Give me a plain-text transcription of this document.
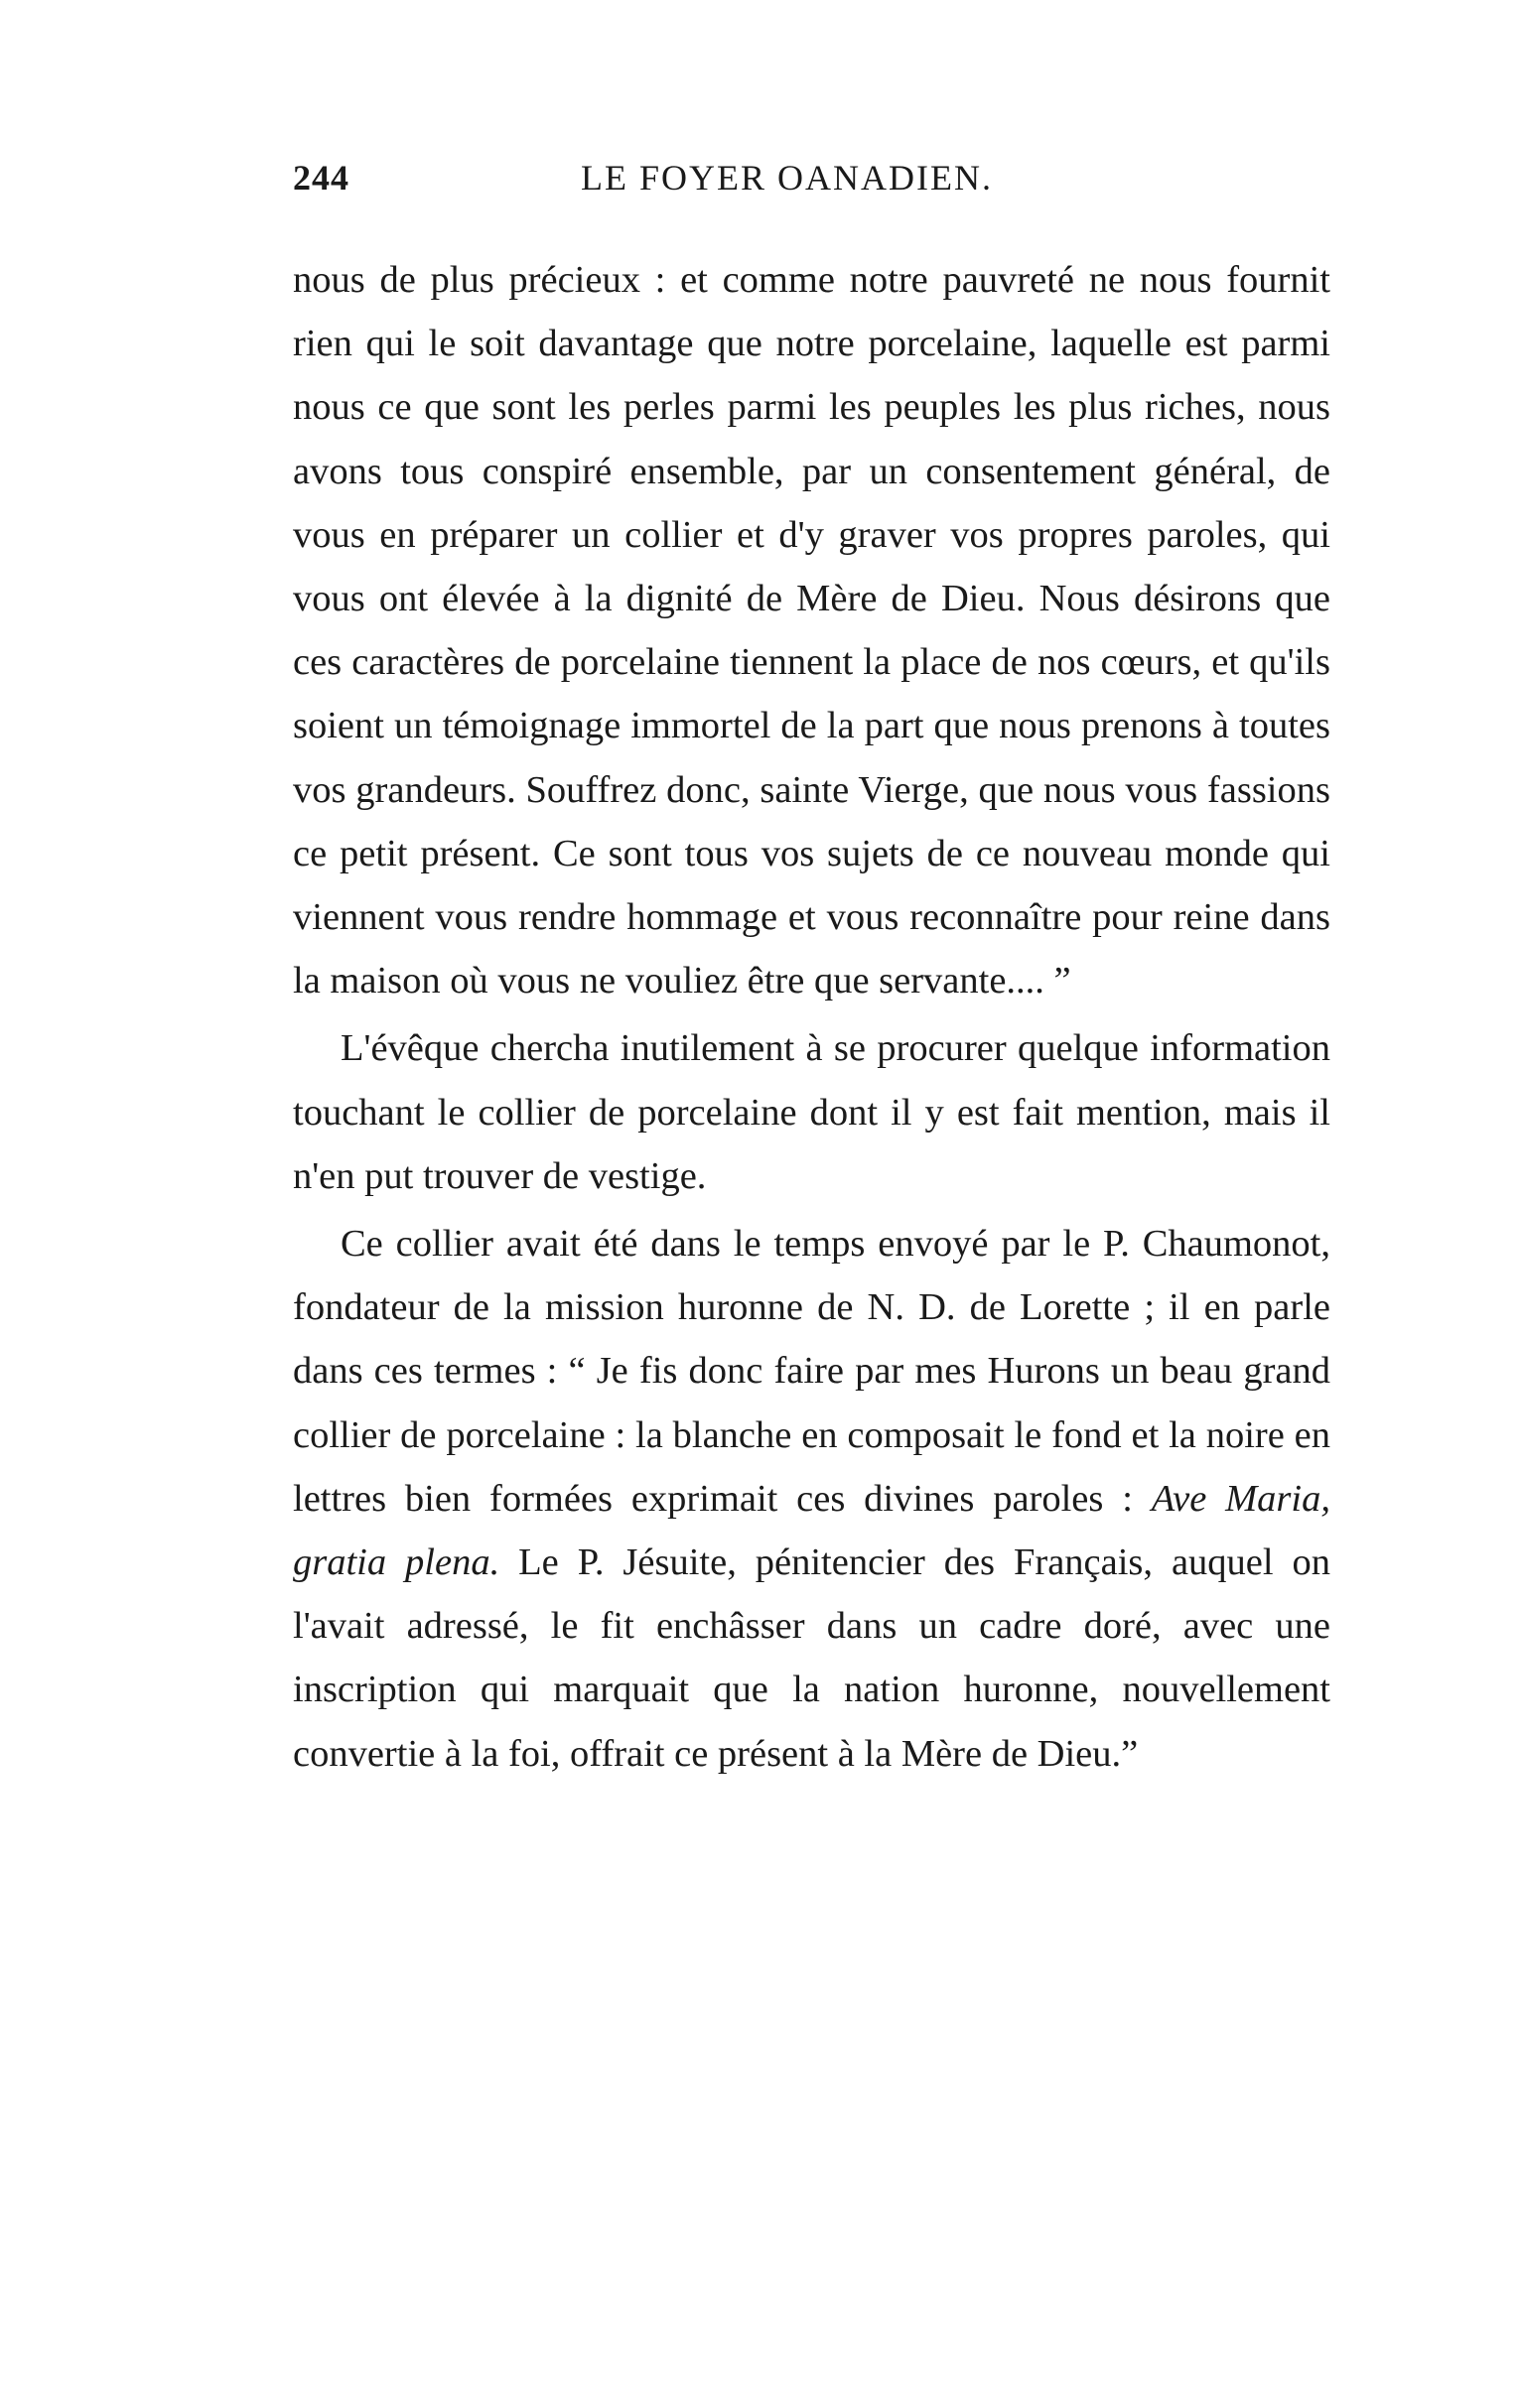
244	LE FOYER OANADIEN.

nous de plus précieux : et comme notre pauvreté ne nous fournit rien qui le soit davantage que notre porcelaine, laquelle est parmi nous ce que sont les perles parmi les peuples les plus riches, nous avons tous conspiré ensemble, par un consentement général, de vous en préparer un collier et d'y graver vos propres paroles, qui vous ont élevée à la dignité de Mère de Dieu. Nous désirons que ces caractères de porcelaine tiennent la place de nos cœurs, et qu'ils soient un témoignage immortel de la part que nous prenons à toutes vos grandeurs. Souffrez donc, sainte Vierge, que nous vous fassions ce petit présent. Ce sont tous vos sujets de ce nouveau monde qui viennent vous rendre hommage et vous reconnaître pour reine dans la maison où vous ne vouliez être que servante.... ”

L'évêque chercha inutilement à se procurer quelque information touchant le collier de porcelaine dont il y est fait mention, mais il n'en put trouver de vestige.

Ce collier avait été dans le temps envoyé par le P. Chaumonot, fondateur de la mission huronne de N. D. de Lorette ; il en parle dans ces termes : “ Je fis donc faire par mes Hurons un beau grand collier de porcelaine : la blanche en composait le fond et la noire en lettres bien formées exprimait ces divines paroles : Ave Maria, gratia plena. Le P. Jésuite, pénitencier des Français, auquel on l'avait adressé, le fit enchâsser dans un cadre doré, avec une inscription qui marquait que la nation huronne, nouvellement convertie à la foi, offrait ce présent à la Mère de Dieu.”
